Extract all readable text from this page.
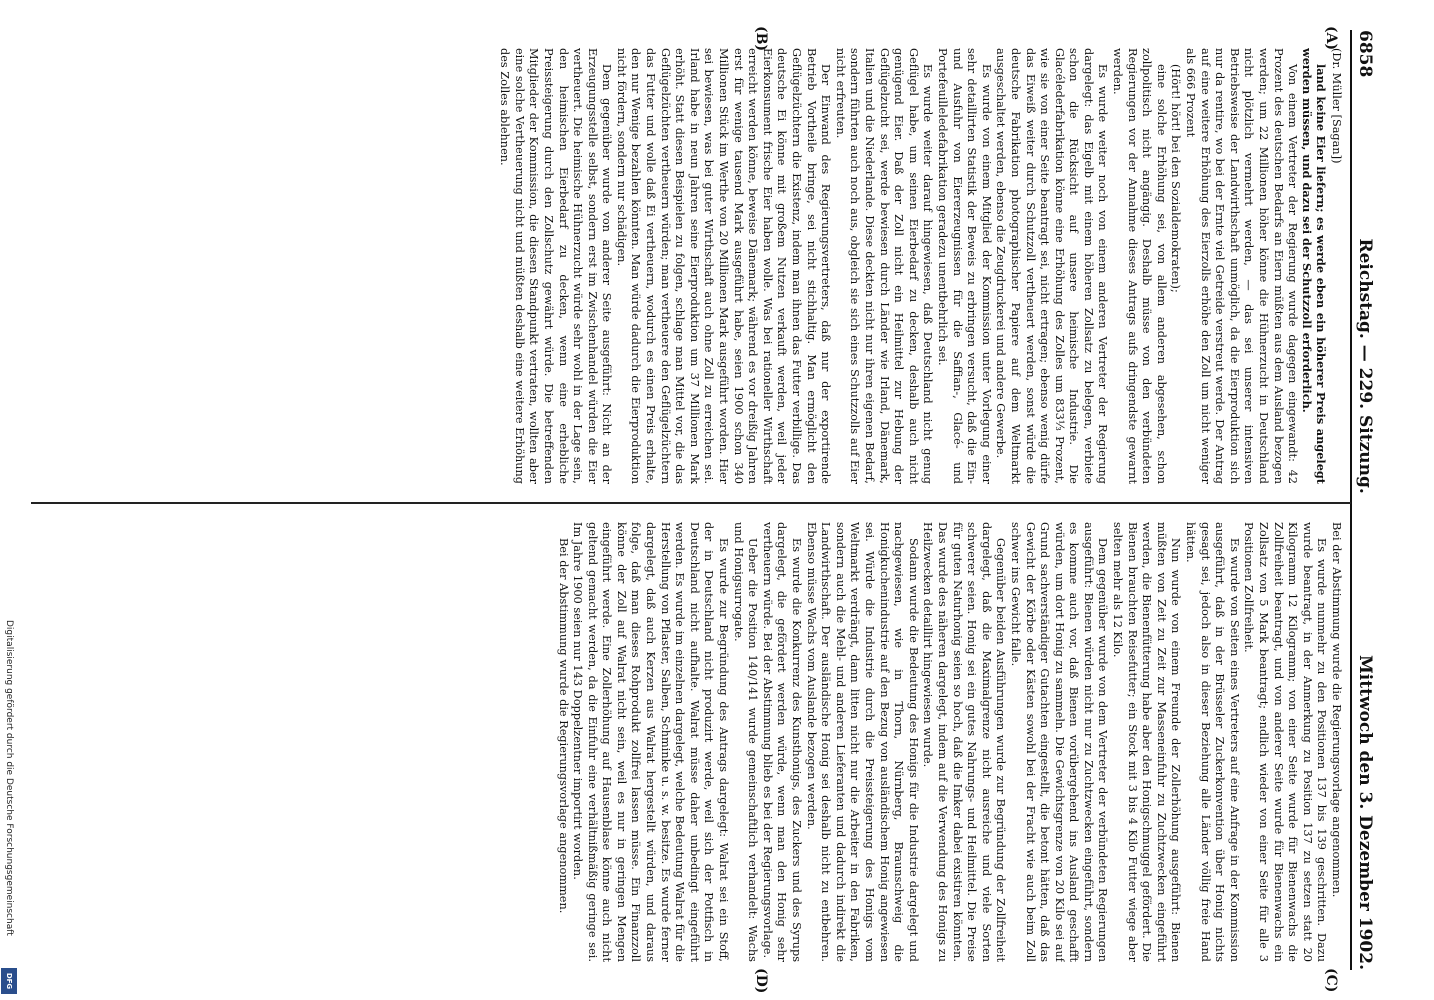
6858
Reichstag. — 229. Sitzung.
Mittwoch den 3. Dezember 1902.
(A)
(B)
(C)
(D)

(Dr. Müller [Sagan])

land keine Eier liefern; es werde eben ein höherer Preis angelegt werden müssen, und dazu sei der Schutzzoll erforderlich.

Von einem Vertreter der Regierung wurde dagegen eingewandt: 42 Prozent des deutschen Bedarfs an Eiern müßten aus dem Ausland bezogen werden; um 22 Millionen höher könne die Hühnerzucht in Deutschland nicht plötzlich vermehrt werden, — das sei unserer intensiven Betriebsweise der Landwirthschaft unmöglich, da die Eierproduktion sich nur da rentire, wo bei der Ernte viel Getreide verstreut werde. Der Antrag auf eine weitere Erhöhung des Eierzolls erhöhe den Zoll um nicht weniger als 666 Prozent

(Hört! hört! bei den Sozialdemokraten);

eine solche Erhöhung sei, von allem anderen abgesehen, schon zollpolitisch nicht angängig. Deshalb müsse von den verbündeten Regierungen vor der Annahme dieses Antrags aufs dringendste gewarnt werden.

Es wurde weiter noch von einem anderen Vertreter der Regierung dargelegt: das Eigelb mit einem höheren Zollsatz zu belegen, verbiete schon die Rücksicht auf unsere heimische Industrie. Die Glacélederfabrikation könne eine Erhöhung des Zolles um 833⅓ Prozent, wie sie von einer Seite beantragt sei, nicht ertragen; ebenso wenig dürfe das Eiweiß weiter durch Schutzzoll vertheuert werden, sonst würde die deutsche Fabrikation photographischer Papiere auf dem Weltmarkt ausgeschaltet werden, ebenso die Zeugdruckerei und andere Gewerbe.

Es wurde von einem Mitglied der Kommission unter Vorlegung einer sehr detaillirten Statistik der Beweis zu erbringen versucht, daß die Ein- und Ausfuhr von Eiererzeugnissen für die Saffian-, Glacé- und Portefeuilleledefabrikation geradezu unentbehrlich sei.

Es wurde weiter darauf hingewiesen, daß Deutschland nicht genug Geflügel habe, um seinen Eierbedarf zu decken, deshalb auch nicht genügend Eier. Daß der Zoll nicht ein Heilmittel zur Hebung der Geflügelzucht sei, werde bewiesen durch Länder wie Irland, Dänemark, Italien und die Niederlande. Diese deckten nicht nur ihren eigenen Bedarf, sondern führten auch noch aus, obgleich sie sich eines Schutzzolls auf Eier nicht erfreuten.

Der Einwand des Regierungsvertreters, daß nur der exportirende Betrieb Vortheile bringe, sei nicht stichhaltig. Man ermöglicht den Geflügelzüchtern die Existenz, indem man ihnen das Futter verbillige. Das deutsche Ei könne mit großem Nutzen verkauft werden, weil jeder Eierkonsument frische Eier haben wolle. Was bei rationeller Wirthschaft erreicht werden könne, beweise Dänemark; während es vor dreißig Jahren erst für wenige tausend Mark ausgeführt habe, seien 1900 schon 340 Millionen Stück im Werthe von 20 Millionen Mark ausgeführt worden. Hier sei bewiesen, was bei guter Wirthschaft auch ohne Zoll zu erreichen sei. Irland habe in neun Jahren seine Eierproduktion um 37 Millionen Mark erhöht. Statt diesen Beispielen zu folgen, schlage man Mittel vor, die das Geflügelzüchten vertheuern würden; man vertheuere den Geflügelzüchtern das Futter und wolle daß Ei vertheuern, wodurch es einen Preis erhalte, den nur Wenige bezahlen könnten. Man würde dadurch die Eierproduktion nicht fördern, sondern nur schädigen.

Dem gegenüber wurde von anderer Seite ausgeführt: Nicht an der Erzeugungsstelle selbst, sondern erst im Zwischenhandel würden die Eier vertheuert. Die heimische Hühnerzucht würde sehr wohl in der Lage sein, den heimischen Eierbedarf zu decken, wenn eine erhebliche Preissteigerung durch den Zollschutz gewährt würde. Die betreffenden Mitglieder der Kommission, die diesen Standpunkt vertraten, wollten aber eine solche Vertheuerung nicht und müßten deshalb eine weitere Erhöhung des Zolles ablehnen.

Bei der Abstimmung wurde die Regierungsvorlage angenommen.

Es wurde nunmehr zu den Positionen 137 bis 139 geschritten. Dazu wurde beantragt, in der Anmerkung zu Position 137 zu setzen statt 20 Kilogramm 12 Kilogramm; von einer Seite wurde für Bienenwachs die Zollfreiheit beantragt, und von anderer Seite wurde für Bienenwachs ein Zollsatz von 5 Mark beantragt; endlich wieder von einer Seite für alle 3 Positionen Zollfreiheit.

Es wurde von Seiten eines Vertreters auf eine Anfrage in der Kommission ausgeführt, daß in der Brüsseler Zuckerkonvention über Honig nichts gesagt sei, jedoch also in dieser Beziehung alle Länder völlig freie Hand hätten.

Nun wurde von einem Freunde der Zollerhöhung ausgeführt: Bienen müßten von Zeit zu Zeit zur Masseneinfuhr zu Zuchtzwecken eingeführt werden, die Bienenfütterung habe aber den Honigschmuggel gefördert. Die Bienen brauchten Reisefutter; ein Stock mit 3 bis 4 Kilo Futter wiege aber selten mehr als 12 Kilo.

Dem gegenüber wurde von dem Vertreter der verbündeten Regierungen ausgeführt: Bienen würden nicht nur zu Zuchtzwecken eingeführt, sondern es komme auch vor, daß Bienen vorübergehend ins Ausland geschafft würden, um dort Honig zu sammeln. Die Gewichtsgrenze von 20 Kilo sei auf Grund sachverständiger Gutachten eingestellt, die betont hätten, daß das Gewicht der Körbe oder Kästen sowohl bei der Fracht wie auch beim Zoll schwer ins Gewicht falle.

Gegenüber beiden Ausführungen wurde zur Begründung der Zollfreiheit dargelegt, daß die Maximalgrenze nicht ausreiche und viele Sorten schwerer seien. Honig sei ein gutes Nahrungs- und Heilmittel. Die Preise für guten Naturhonig seien so hoch, daß die Imker dabei existiren könnten. Das wurde des näheren dargelegt, indem auf die Verwendung des Honigs zu Heilzwecken detaillirt hingewiesen wurde.

Sodann wurde die Bedeutung des Honigs für die Industrie dargelegt und nachgewiesen, wie in Thorn, Nürnberg, Braunschweig die Honigkuchenindustrie auf den Bezug von ausländischem Honig angewiesen sei. Würde die Industrie durch die Preissteigerung des Honigs vom Weltmarkt verdrängt, dann litten nicht nur die Arbeiter in den Fabriken, sondern auch die Mehl- und anderen Lieferanten und dadurch indirekt die Landwirthschaft. Der ausländische Honig sei deshalb nicht zu entbehren. Ebenso müsse Wachs vom Auslande bezogen werden.

Es wurde die Konkurrenz des Kunsthonigs, des Zuckers und des Syrups dargelegt, die gefördert werden würde, wenn man den Honig sehr vertheuern würde. Bei der Abstimmung blieb es bei der Regierungsvorlage.

Ueber die Position 140/141 wurde gemeinschaftlich verhandelt: Wachs und Honigsurrogate.

Es wurde zur Begründung des Antrags dargelegt: Walrat sei ein Stoff, der in Deutschland nicht produzirt werde, weil sich der Pottfisch in Deutschland nicht aufhalte. Walrat müsse daher unbedingt eingeführt werden. Es wurde im einzelnen dargelegt, welche Bedeutung Walrat für die Herstellung von Pflaster, Salben, Schminke u. s. w. besitze. Es wurde ferner dargelegt, daß auch Kerzen aus Walrat hergestellt würden, und daraus folge, daß man dieses Rohprodukt zollfrei lassen müsse. Ein Finanzzoll könne der Zoll auf Walrat nicht sein, weil es nur in geringen Mengen eingeführt werde. Eine Zollerhöhung auf Hausenblase könne auch nicht geltend gemacht werden, da die Einfuhr eine verhältnißmäßig geringe sei. Im Jahre 1900 seien nur 143 Doppelzentner importirt worden.

Bei der Abstimmung wurde die Regierungsvorlage angenommen.

Digitalisierung gefördert durch die Deutsche Forschungsgemeinschaft
DFG
